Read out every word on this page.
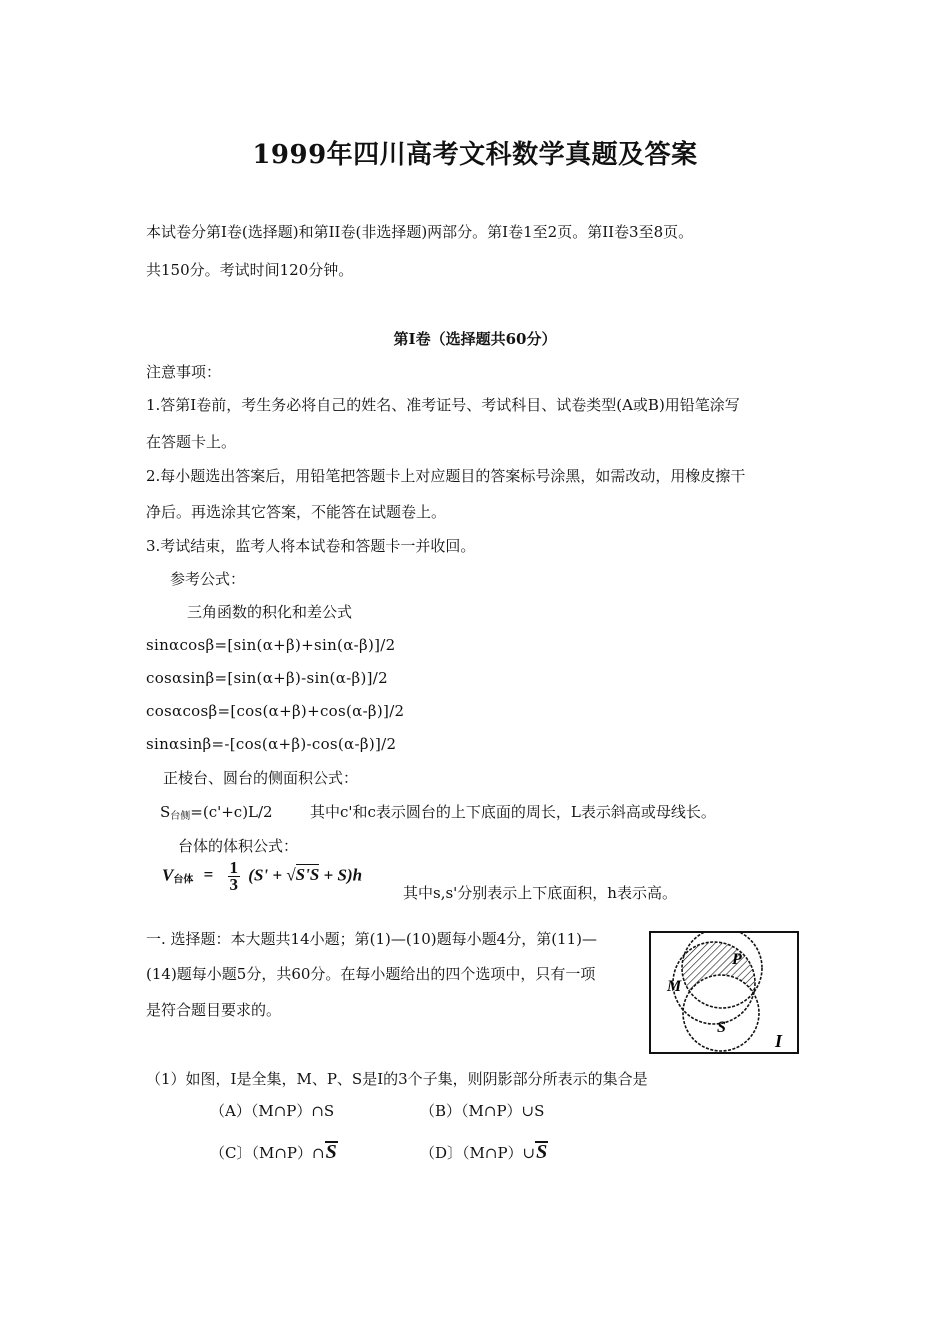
1999年四川高考文科数学真题及答案
本试卷分第Ⅰ卷(选择题)和第II卷(非选择题)两部分。第Ⅰ卷1至2页。第II卷3至8页。
共150分。考试时间120分钟。
第Ⅰ卷（选择题共60分）
注意事项：
1.答第Ⅰ卷前，考生务必将自己的姓名、准考证号、考试科目、试卷类型(A或B)用铅笔涂写
在答题卡上。
2.每小题选出答案后，用铅笔把答题卡上对应题目的答案标号涂黑，如需改动，用橡皮擦干
净后。再选涂其它答案，不能答在试题卷上。
3.考试结束，监考人将本试卷和答题卡一并收回。
参考公式：
三角函数的积化和差公式
sinαcosβ=[sin(α+β)+sin(α-β)]/2
cosαsinβ=[sin(α+β)-sin(α-β)]/2
cosαcosβ=[cos(α+β)+cos(α-β)]/2
sinαsinβ=-[cos(α+β)-cos(α-β)]/2
正棱台、圆台的侧面积公式：
$S_{台侧}=(c'+c)L/2$ 其中c'和c表示圆台的上下底面的周长，L表示斜高或母线长。
台体的体积公式：
$V_{台体} = \frac{1}{3} (S' + √S'S + S)h$
其中s,s'分别表示上下底面积，h表示高。
一. 选择题：本大题共14小题；第(1)—(10)题每小题4分，第(11)—
(14)题每小题5分，共60分。在每小题给出的四个选项中，只有一项
是符合题目要求的。
M
P
S
I
（1）如图，I是全集，M、P、S是I的3个子集，则阴影部分所表示的集合是
（A）（M∩P）∩S	（B）（M∩P）∪S
（C〕（M∩P）∩S	（D〕（M∩P）∪S
